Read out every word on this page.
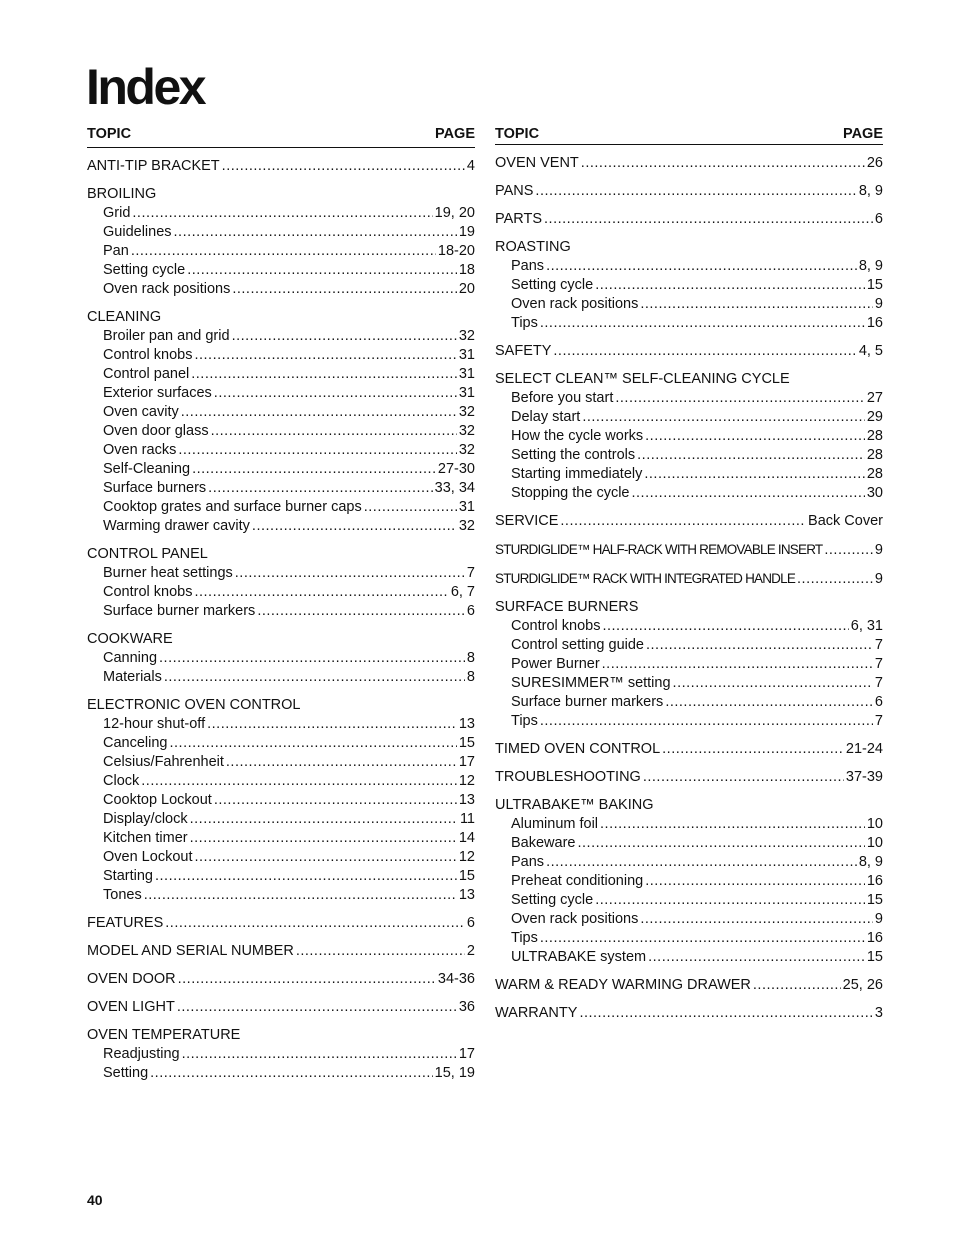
Index
TOPIC	PAGE
ANTI-TIP BRACKET .....	4
BROILING
Grid .....	19, 20
Guidelines .....	19
Pan .....	18-20
Setting cycle .....	18
Oven rack positions .....	20
CLEANING
Broiler pan and grid .....	32
Control knobs .....	31
Control panel .....	31
Exterior surfaces .....	31
Oven cavity .....	32
Oven door glass .....	32
Oven racks .....	32
Self-Cleaning .....	27-30
Surface burners .....	33, 34
Cooktop grates and surface burner caps .....	31
Warming drawer cavity .....	32
CONTROL PANEL
Burner heat settings .....	7
Control knobs .....	6, 7
Surface burner markers .....	6
COOKWARE
Canning .....	8
Materials .....	8
ELECTRONIC OVEN CONTROL
12-hour shut-off .....	13
Canceling .....	15
Celsius/Fahrenheit .....	17
Clock .....	12
Cooktop Lockout .....	13
Display/clock .....	11
Kitchen timer .....	14
Oven Lockout .....	12
Starting .....	15
Tones .....	13
FEATURES .....	6
MODEL AND SERIAL NUMBER .....	2
OVEN DOOR .....	34-36
OVEN LIGHT .....	36
OVEN TEMPERATURE
Readjusting .....	17
Setting .....	15, 19
TOPIC	PAGE
OVEN VENT .....	26
PANS .....	8, 9
PARTS .....	6
ROASTING
Pans .....	8, 9
Setting cycle .....	15
Oven rack positions .....	9
Tips .....	16
SAFETY .....	4, 5
SELECT CLEAN™ SELF-CLEANING CYCLE
Before you start .....	27
Delay start .....	29
How the cycle works .....	28
Setting the controls .....	28
Starting immediately .....	28
Stopping the cycle .....	30
SERVICE .....	Back Cover
STURDIGLIDE™ HALF-RACK WITH REMOVABLE INSERT .....	9
STURDIGLIDE™ RACK WITH INTEGRATED HANDLE .....	9
SURFACE BURNERS
Control knobs .....	6, 31
Control setting guide .....	7
Power Burner .....	7
SURESIMMER™ setting .....	7
Surface burner markers .....	6
Tips .....	7
TIMED OVEN CONTROL .....	21-24
TROUBLESHOOTING .....	37-39
ULTRABAKE™ BAKING
Aluminum foil .....	10
Bakeware .....	10
Pans .....	8, 9
Preheat conditioning .....	16
Setting cycle .....	15
Oven rack positions .....	9
Tips .....	16
ULTRABAKE system .....	15
WARM & READY WARMING DRAWER .....	25, 26
WARRANTY .....	3
40
